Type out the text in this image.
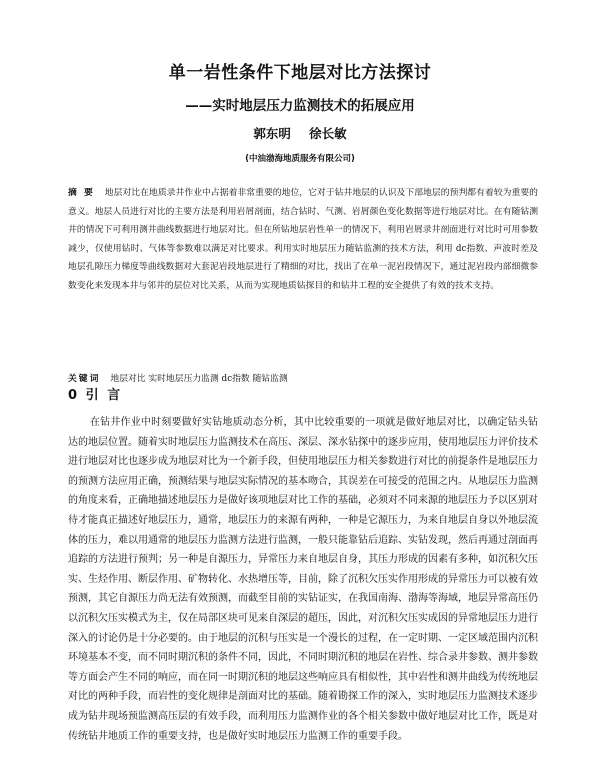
单一岩性条件下地层对比方法探讨
——实时地层压力监测技术的拓展应用
郭东明 徐长敏
(中油渤海地质服务有限公司)

摘 要 地层对比在地质录井作业中占据着非常重要的地位，它对于钻井地层的认识及下部地层的预判都有着较为重要的意义。地层人员进行对比的主要方法是利用岩屑剖面，结合钻时、气测、岩屑颜色变化数据等进行地层对比。在有随钻测井的情况下可利用测井曲线数据进行地层对比。但在所钻地层岩性单一的情况下，利用岩屑录井剖面进行对比时可用参数减少，仅使用钻时、气体等参数难以满足对比要求。利用实时地层压力随钻监测的技术方法，利用 dc指数、声波时差及地层孔隙压力梯度等曲线数据对大套泥岩段地层进行了精细的对比，找出了在单一泥岩段情况下，通过泥岩段内部细微参数变化来发现本井与邻井的层位对比关系，从而为实现地质钻探目的和钻井工程的安全提供了有效的技术支持。

关键词 地层对比 实时地层压力监测 dc指数 随钻监测

0 引 言

在钻井作业中时刻要做好实钻地质动态分析，其中比较重要的一项就是做好地层对比，以确定钻头钻达的地层位置。随着实时地层压力监测技术在高压、深层、深水钻探中的逐步应用，使用地层压力评价技术进行地层对比也逐步成为地层对比为一个新手段，但使用地层压力相关参数进行对比的前提条件是地层压力的预测方法应用正确，预测结果与地层实际情况的基本吻合，其误差在可接受的范围之内。从地层压力监测的角度来看，正确地描述地层压力是做好该项地层对比工作的基础，必须对不同来源的地层压力予以区别对待才能真正描述好地层压力，通常，地层压力的来源有两种，一种是它源压力，为来自地层自身以外地层流体的压力，难以用通常的地层压力监测方法进行监测，一般只能靠钻后追踪、实钻发现，然后再通过剖面再追踪的方法进行预判；另一种是自源压力，异常压力来自地层自身，其压力形成的因素有多种，如沉积欠压实、生烃作用、断层作用、矿物转化、水热增压等，目前，除了沉积欠压实作用形成的异常压力可以被有效预测，其它自源压力尚无法有效预测，而截至目前的实钻证实，在我国南海、渤海等海域，地层异常高压仍以沉积欠压实模式为主，仅在局部区块可见来自深层的超压，因此，对沉积欠压实成因的异常地层压力进行深入的讨论仍是十分必要的。由于地层的沉积与压实是一个漫长的过程，在一定时期、一定区域范围内沉积环境基本不变，而不同时期沉积的条件不同，因此，不同时期沉积的地层在岩性、综合录井参数、测井参数等方面会产生不同的响应，而在同一时期沉积的地层这些响应具有相似性，其中岩性和测井曲线为传统地层对比的两种手段，而岩性的变化规律是剖面对比的基础。随着勘探工作的深入，实时地层压力监测技术逐步成为钻井现场预监测高压层的有效手段，而利用压力监测作业的各个相关参数中做好地层对比工作，既是对传统钻井地质工作的重要支持，也是做好实时地层压力监测工作的重要手段。
